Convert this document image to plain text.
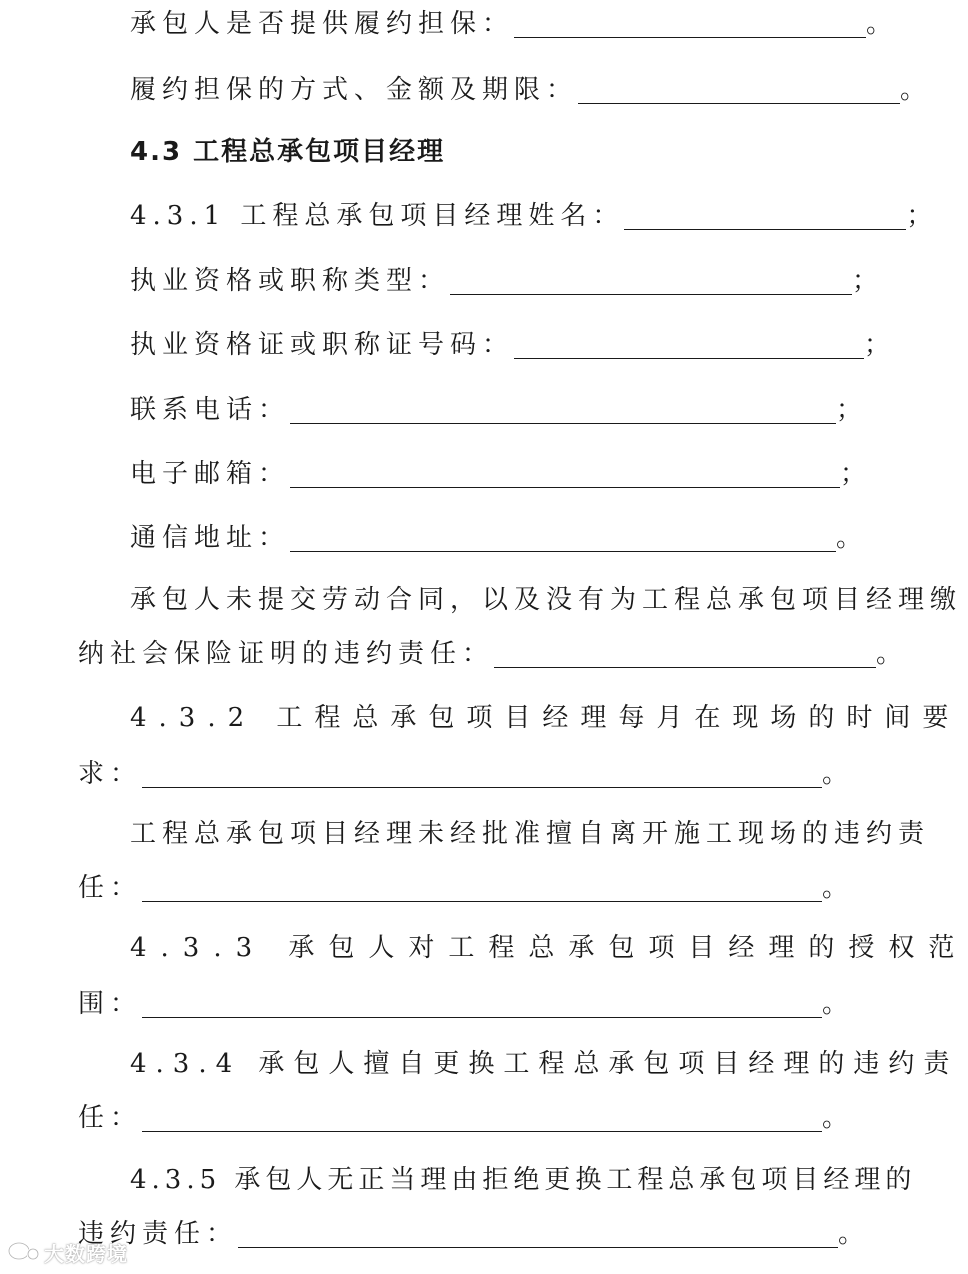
承包人是否提供履约担保：	。
履约担保的方式、金额及期限：	。
4.3 工程总承包项目经理
4.3.1 工程总承包项目经理姓名：	；
执业资格或职称类型：	；
执业资格证或职称证号码：	；
联系电话：	；
电子邮箱：	；
通信地址：	。
承包人未提交劳动合同，以及没有为工程总承包项目经理缴
纳社会保险证明的违约责任：	。
4.3.2 工程总承包项目经理每月在现场的时间要
求：	。
工程总承包项目经理未经批准擅自离开施工现场的违约责
任：	。
4.3.3 承包人对工程总承包项目经理的授权范
围：	。
4.3.4 承包人擅自更换工程总承包项目经理的违约责
任：	。
4.3.5 承包人无正当理由拒绝更换工程总承包项目经理的
违约责任：	。
大数跨境
